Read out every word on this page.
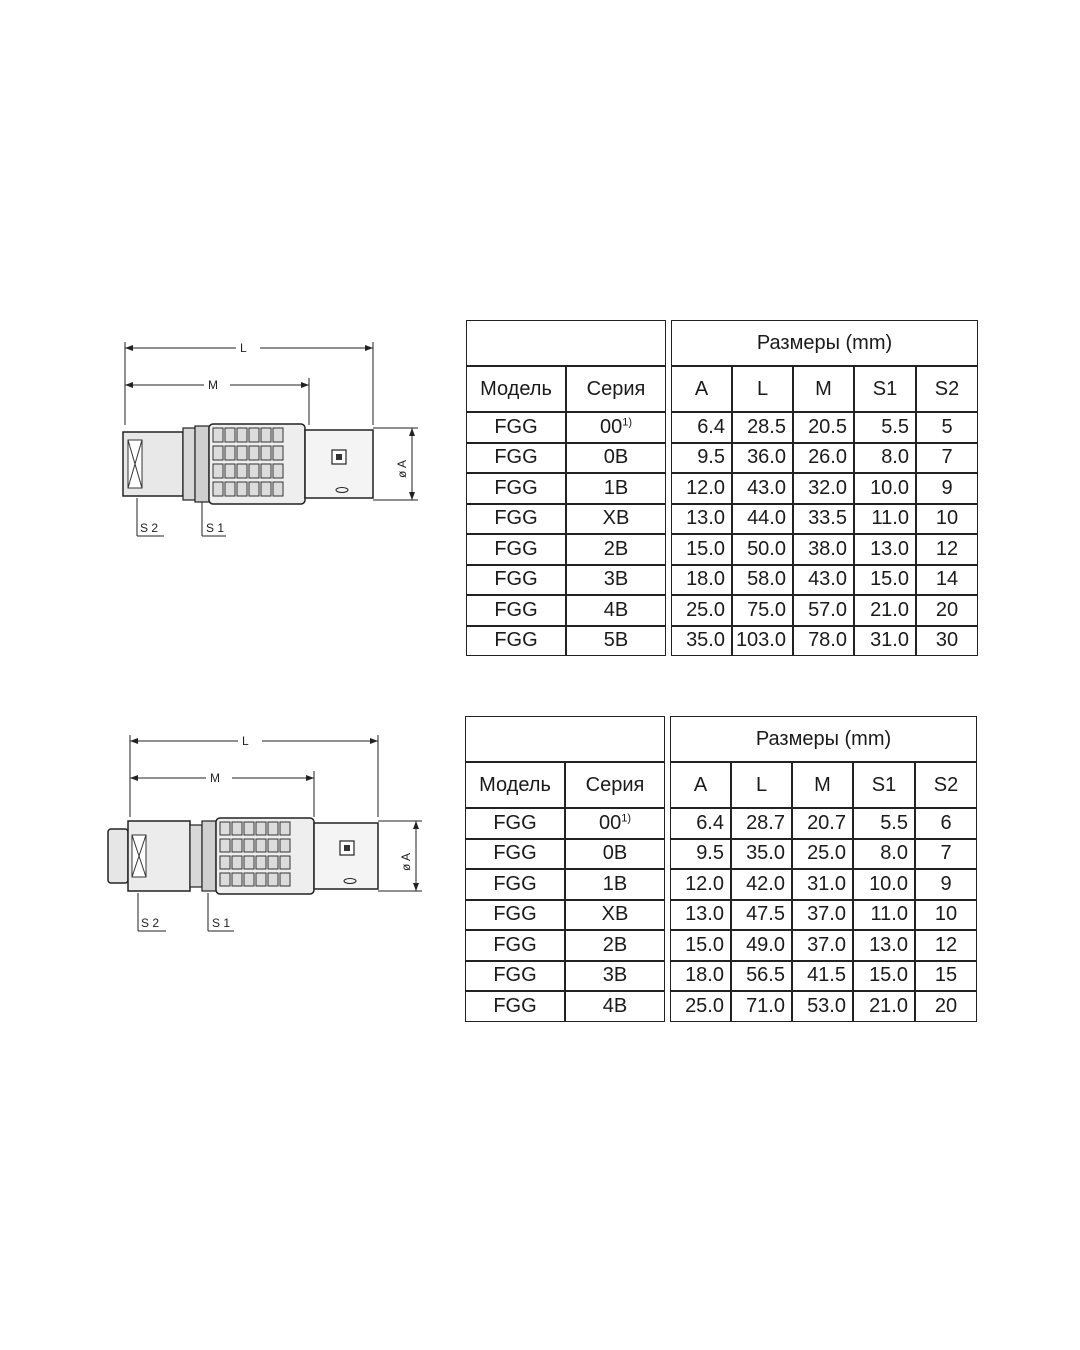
L
M
ø A
S 2	S 1
			Размеры (mm)				
Модель	Серия		A	L	M	S1	S2
FGG	00$^{1)}$		6.4	28.5	20.5	5.5	5
FGG	0B		9.5	36.0	26.0	8.0	7
FGG	1B		12.0	43.0	32.0	10.0	9
FGG	XB		13.0	44.0	33.5	11.0	10
FGG	2B		15.0	50.0	38.0	13.0	12
FGG	3B		18.0	58.0	43.0	15.0	14
FGG	4B		25.0	75.0	57.0	21.0	20
FGG	5B		35.0	103.0	78.0	31.0	30
L
M
ø A
S 2	S 1
			Размеры (mm)				
Модель	Серия		A	L	M	S1	S2
FGG	00$^{1)}$		6.4	28.7	20.7	5.5	6
FGG	0B		9.5	35.0	25.0	8.0	7
FGG	1B		12.0	42.0	31.0	10.0	9
FGG	XB		13.0	47.5	37.0	11.0	10
FGG	2B		15.0	49.0	37.0	13.0	12
FGG	3B		18.0	56.5	41.5	15.0	15
FGG	4B		25.0	71.0	53.0	21.0	20
